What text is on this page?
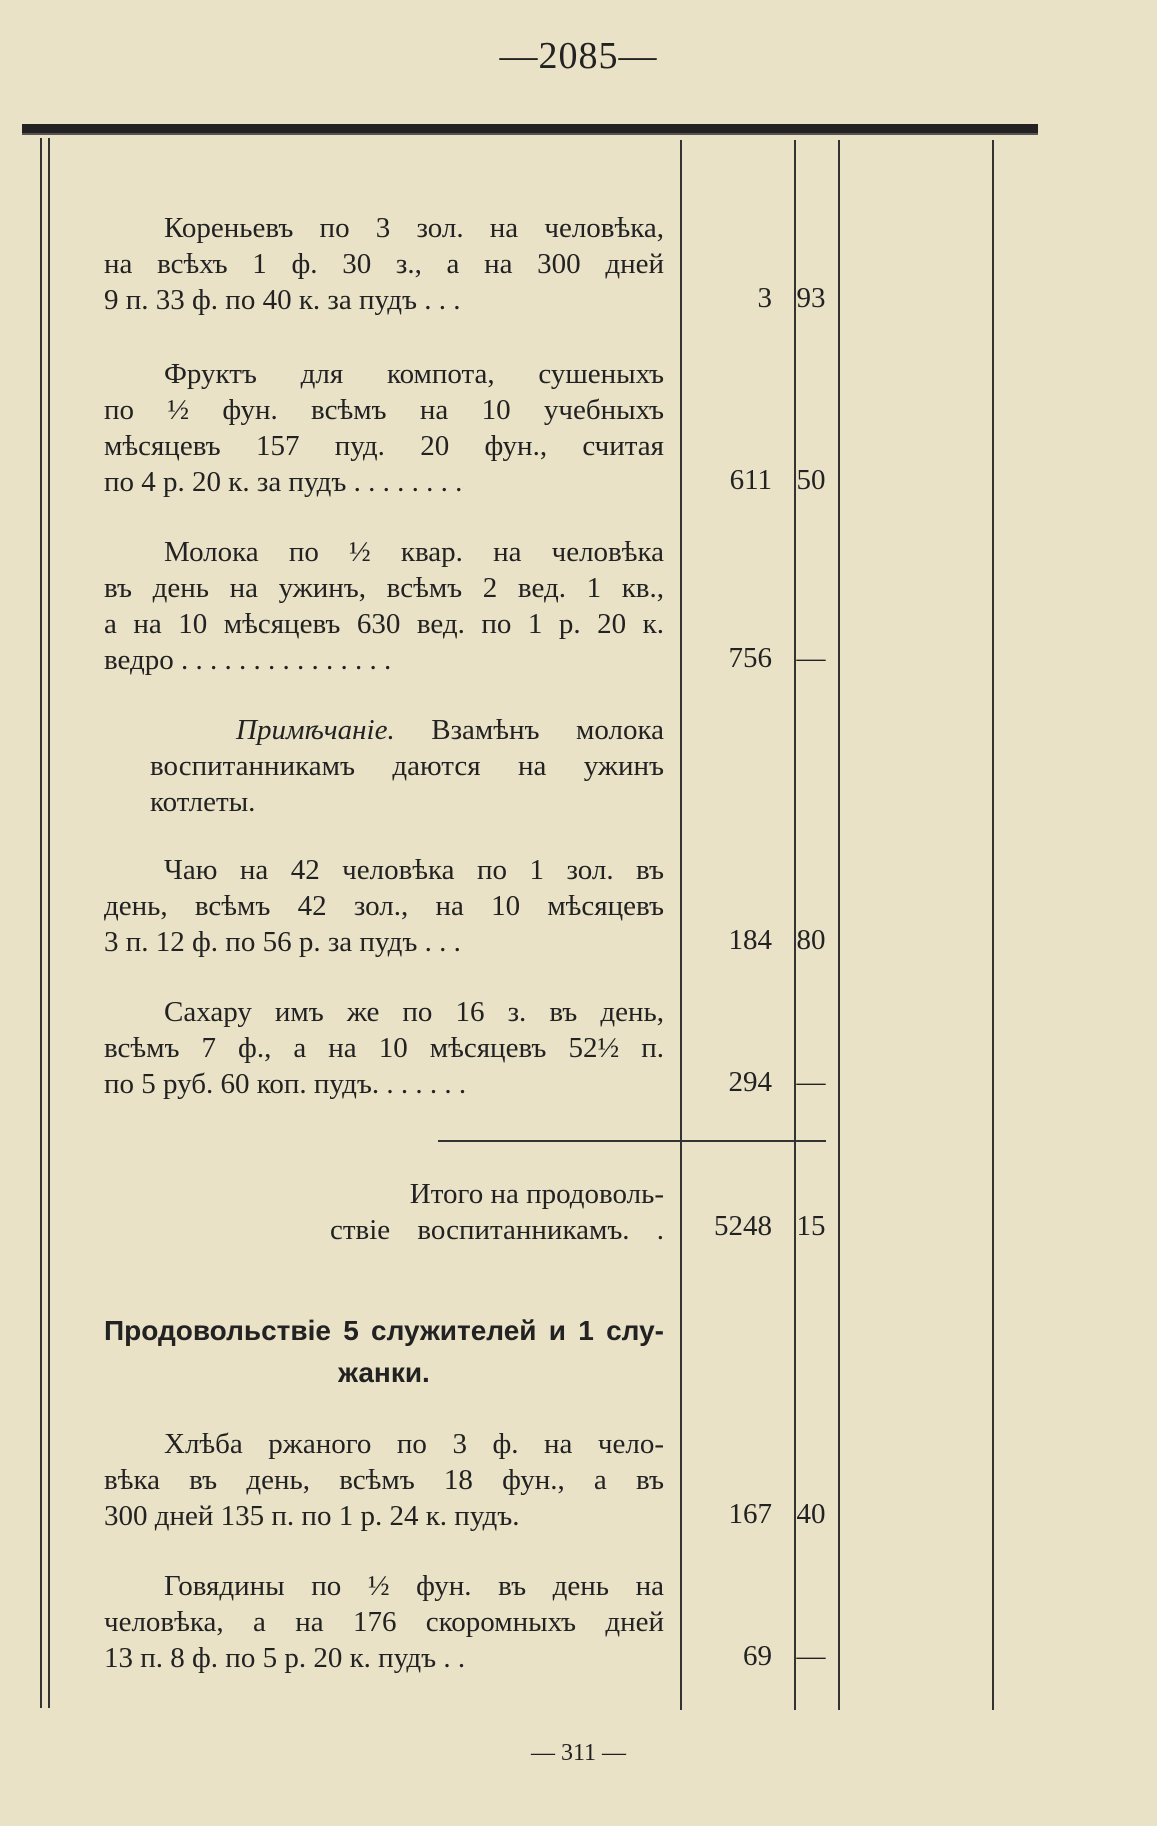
—2085—

Кореньевъ по 3 зол. на человѣка,

на всѣхъ 1 ф. 30 з., а на 300 дней

9 п. 33 ф. по 40 к. за пудъ . . .	3 93

Фруктъ для компота, сушеныхъ

по ½ фун. всѣмъ на 10 учебныхъ

мѣсяцевъ 157 пуд. 20 фун., считая

по 4 р. 20 к. за пудъ . . . . . . . .	611 50

Молока по ½ квар. на человѣка

въ день на ужинъ, всѣмъ 2 вед. 1 кв.,

а на 10 мѣсяцевъ 630 вед. по 1 р. 20 к.

ведро . . . . . . . . . . . . . . .	756 —

Примѣчаніе. Взамѣнъ молока

воспитанникамъ даются на ужинъ

котлеты.

Чаю на 42 человѣка по 1 зол. въ

день, всѣмъ 42 зол., на 10 мѣсяцевъ

3 п. 12 ф. по 56 р. за пудъ . . .	184 80

Сахару имъ же по 16 з. въ день,

всѣмъ 7 ф., а на 10 мѣсяцевъ 52½ п.

по 5 руб. 60 коп. пудъ. . . . . . .	294 —

Итого на продоволь-

ствіе воспитанникамъ. .	5248 15

Продовольствіе 5 служителей и 1 слу-

жанки.

Хлѣба ржаного по 3 ф. на чело-

вѣка въ день, всѣмъ 18 фун., а въ

300 дней 135 п. по 1 р. 24 к. пудъ.	167 40

Говядины по ½ фун. въ день на

человѣка, а на 176 скоромныхъ дней

13 п. 8 ф. по 5 р. 20 к. пудъ . .	69 —
— 311 —
